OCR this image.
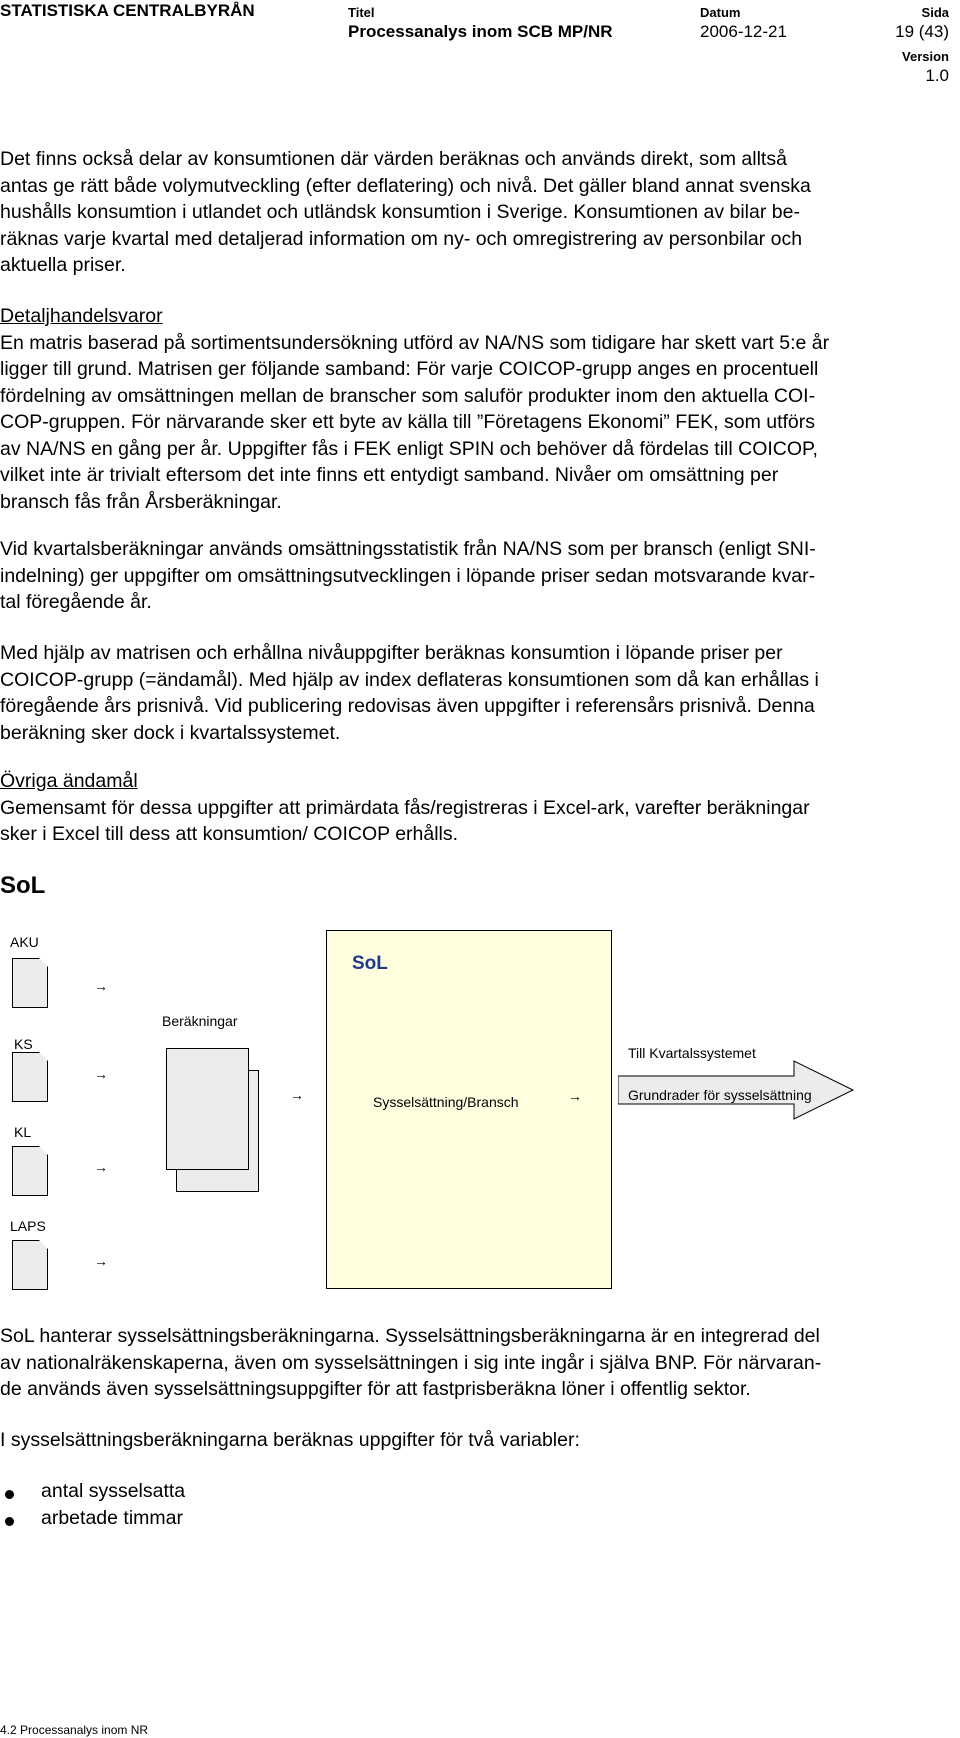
STATISTISKA CENTRALBYRÅN	Titel
Processanalys inom SCB MP/NR
Datum
2006-12-21
Sida
19 (43)
Version
1.0
Det finns också delar av konsumtionen där värden beräknas och används direkt, som alltså
antas ge rätt både volymutveckling (efter deflatering) och nivå. Det gäller bland annat svenska
hushålls konsumtion i utlandet och utländsk konsumtion i Sverige. Konsumtionen av bilar be-
räknas varje kvartal med detaljerad information om ny- och omregistrering av personbilar och
aktuella priser.
Detaljhandelsvaror
En matris baserad på sortimentsundersökning utförd av NA/NS som tidigare har skett vart 5:e år
ligger till grund. Matrisen ger följande samband: För varje COICOP-grupp anges en procentuell
fördelning av omsättningen mellan de branscher som saluför produkter inom den aktuella COI-
COP-gruppen. För närvarande sker ett byte av källa till ”Företagens Ekonomi” FEK, som utförs
av NA/NS en gång per år. Uppgifter fås i FEK enligt SPIN och behöver då fördelas till COICOP,
vilket inte är trivialt eftersom det inte finns ett entydigt samband. Nivåer om omsättning per
bransch fås från Årsberäkningar.
Vid kvartalsberäkningar används omsättningsstatistik från NA/NS som per bransch (enligt SNI-
indelning) ger uppgifter om omsättningsutvecklingen i löpande priser sedan motsvarande kvar-
tal föregående år.
Med hjälp av matrisen och erhållna nivåuppgifter beräknas konsumtion i löpande priser per
COICOP-grupp (=ändamål). Med hjälp av index deflateras konsumtionen som då kan erhållas i
föregående års prisnivå. Vid publicering redovisas även uppgifter i referensårs prisnivå. Denna
beräkning sker dock i kvartalssystemet.
Övriga ändamål
Gemensamt för dessa uppgifter att primärdata fås/registreras i Excel-ark, varefter beräkningar
sker i Excel till dess att konsumtion/ COICOP erhålls.
SoL
AKU
→
KS
→
KL
→
LAPS
→
Beräkningar
→
SoL
Sysselsättning/Bransch	→
Till Kvartalssystemet
Grundrader för sysselsättning
SoL hanterar sysselsättningsberäkningarna. Sysselsättningsberäkningarna är en integrerad del
av nationalräkenskaperna, även om sysselsättningen i sig inte ingår i själva BNP. För närvaran-
de används även sysselsättningsuppgifter för att fastprisberäkna löner i offentlig sektor.
I sysselsättningsberäkningarna beräknas uppgifter för två variabler:
antal sysselsatta
arbetade timmar
4.2 Processanalys inom NR
